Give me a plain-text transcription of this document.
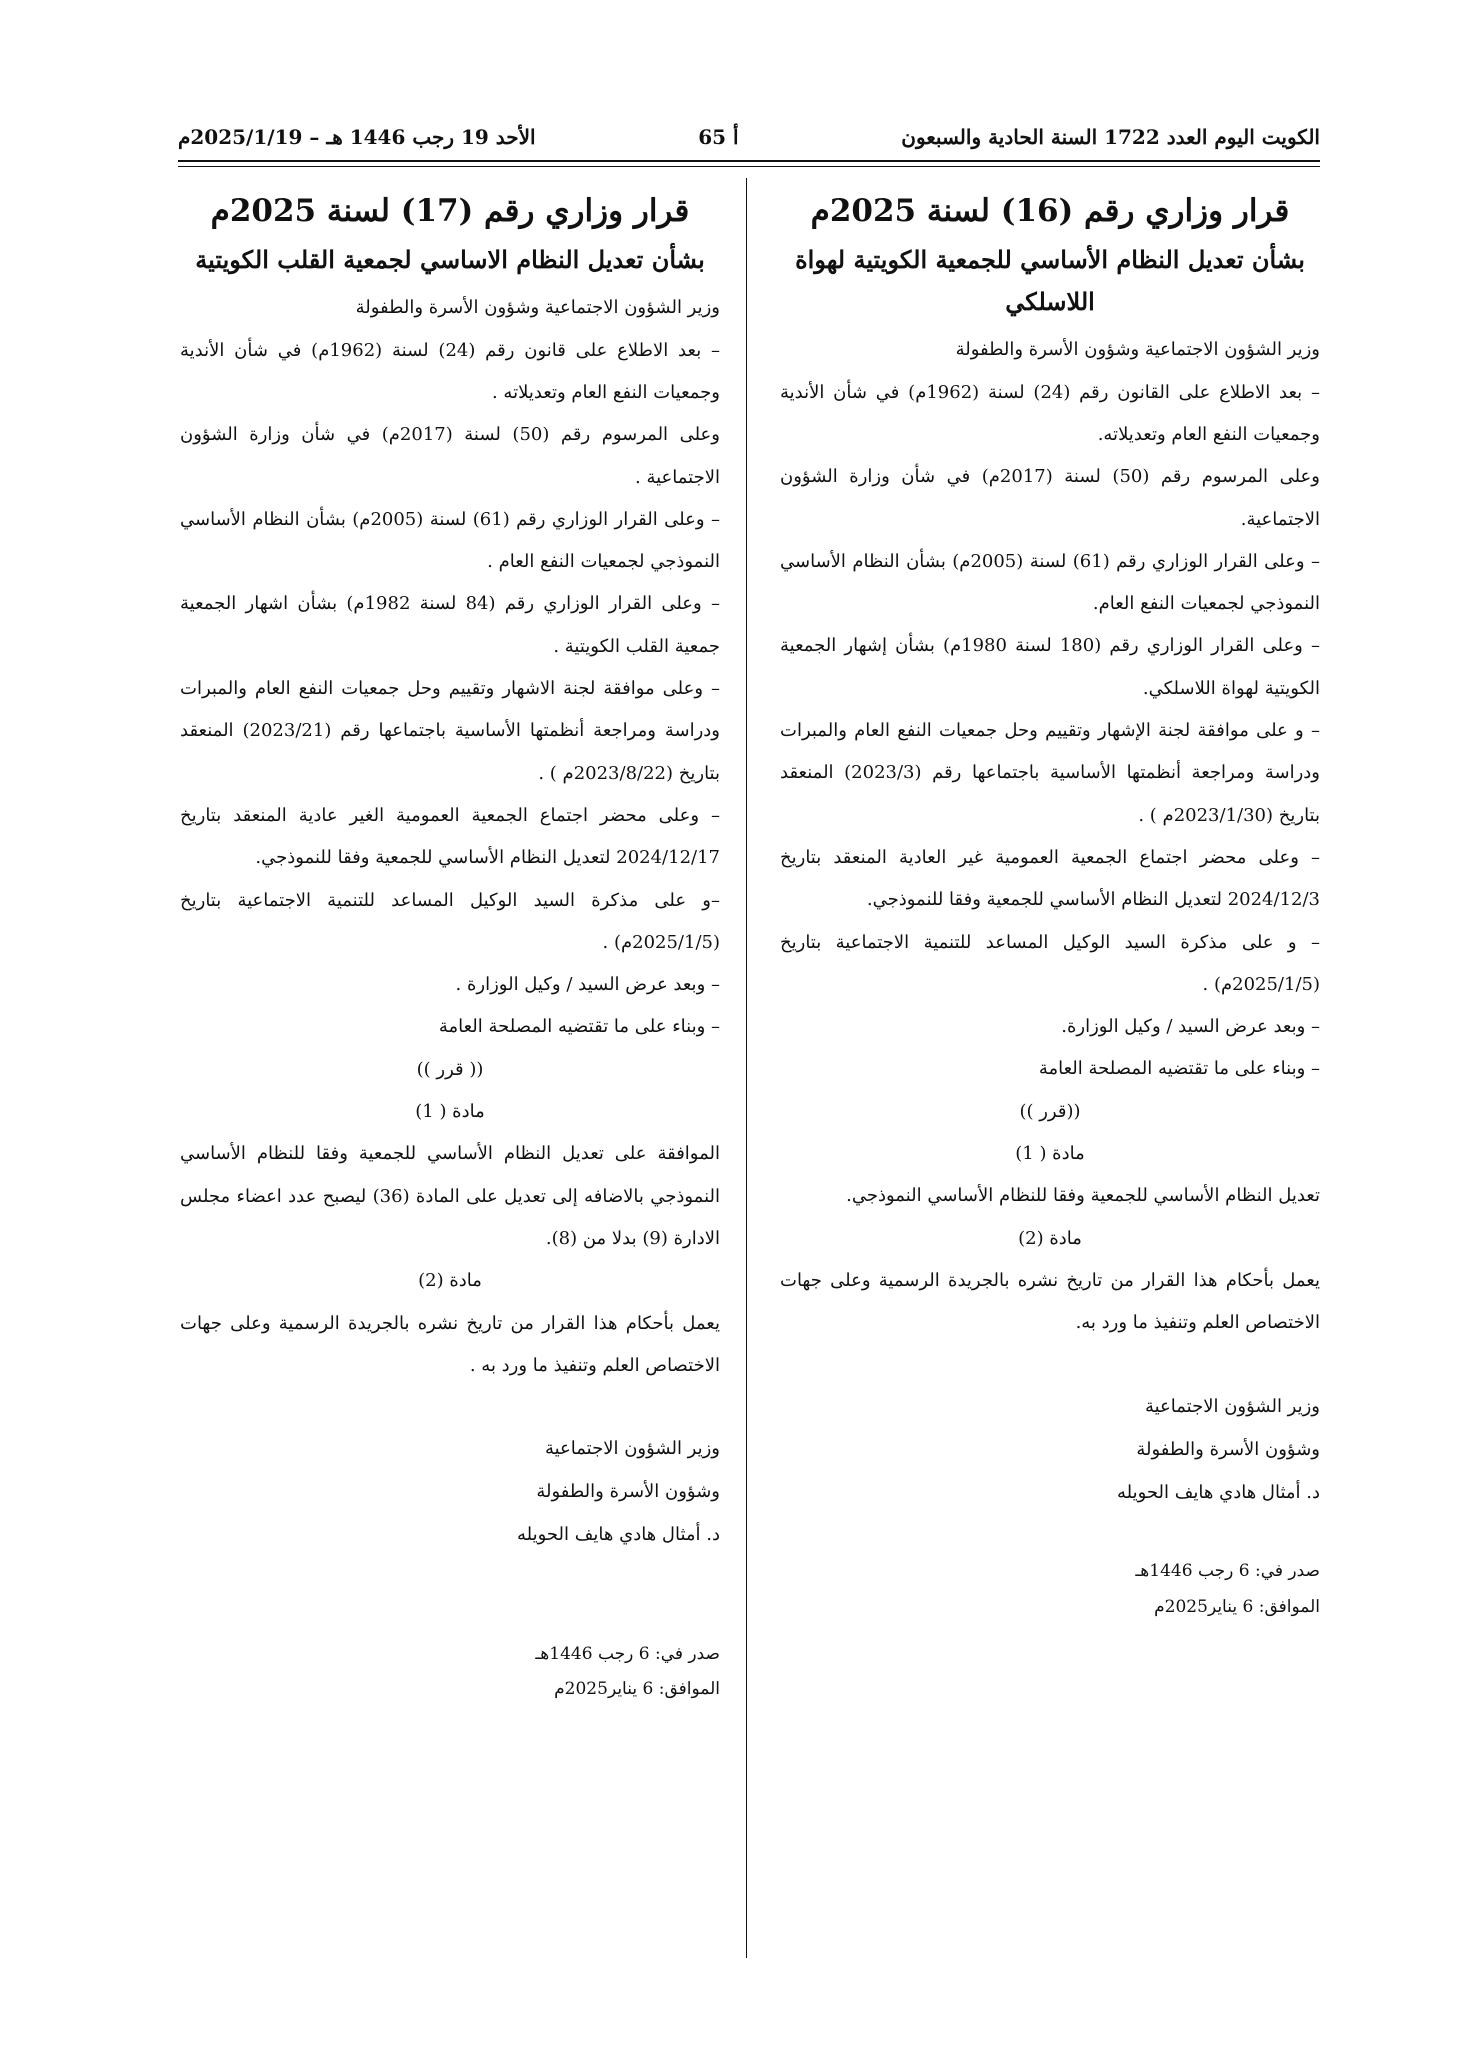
الكويت اليوم العدد 1722 السنة الحادية والسبعون
أ 65
الأحد 19 رجب 1446 هـ – 2025/1/19م
قرار وزاري رقم (16) لسنة 2025م
بشأن تعديل النظام الأساسي للجمعية الكويتية لهواة اللاسلكي

وزير الشؤون الاجتماعية وشؤون الأسرة والطفولة

– بعد الاطلاع على القانون رقم (24) لسنة (1962م) في شأن الأندية وجمعيات النفع العام وتعديلاته.

وعلى المرسوم رقم (50) لسنة (2017م) في شأن وزارة الشؤون الاجتماعية.

– وعلى القرار الوزاري رقم (61) لسنة (2005م) بشأن النظام الأساسي النموذجي لجمعيات النفع العام.

– وعلى القرار الوزاري رقم (180 لسنة 1980م) بشأن إشهار الجمعية الكويتية لهواة اللاسلكي.

– و على موافقة لجنة الإشهار وتقييم وحل جمعيات النفع العام والمبرات ودراسة ومراجعة أنظمتها الأساسية باجتماعها رقم (2023/3) المنعقد بتاريخ (2023/1/30م ) .

– وعلى محضر اجتماع الجمعية العمومية غير العادية المنعقد بتاريخ 2024/12/3 لتعديل النظام الأساسي للجمعية وفقا للنموذجي.

– و على مذكرة السيد الوكيل المساعد للتنمية الاجتماعية بتاريخ (2025/1/5م) .

– وبعد عرض السيد / وكيل الوزارة.

– وبناء على ما تقتضيه المصلحة العامة

((قرر ))

مادة ( 1)

تعديل النظام الأساسي للجمعية وفقا للنظام الأساسي النموذجي.

مادة (2)

يعمل بأحكام هذا القرار من تاريخ نشره بالجريدة الرسمية وعلى جهات الاختصاص العلم وتنفيذ ما ورد به.

وزير الشؤون الاجتماعية

وشؤون الأسرة والطفولة

د. أمثال هادي هايف الحويله

صدر في: 6 رجب 1446هـ

الموافق: 6 يناير2025م

قرار وزاري رقم (17) لسنة 2025م
بشأن تعديل النظام الاساسي لجمعية القلب الكويتية

وزير الشؤون الاجتماعية وشؤون الأسرة والطفولة

– بعد الاطلاع على قانون رقم (24) لسنة (1962م) في شأن الأندية وجمعيات النفع العام وتعديلاته .

وعلى المرسوم رقم (50) لسنة (2017م) في شأن وزارة الشؤون الاجتماعية .

– وعلى القرار الوزاري رقم (61) لسنة (2005م) بشأن النظام الأساسي النموذجي لجمعيات النفع العام .

– وعلى القرار الوزاري رقم (84 لسنة 1982م) بشأن اشهار الجمعية جمعية القلب الكويتية .

– وعلى موافقة لجنة الاشهار وتقييم وحل جمعيات النفع العام والمبرات ودراسة ومراجعة أنظمتها الأساسية باجتماعها رقم (2023/21) المنعقد بتاريخ (2023/8/22م ) .

– وعلى محضر اجتماع الجمعية العمومية الغير عادية المنعقد بتاريخ 2024/12/17 لتعديل النظام الأساسي للجمعية وفقا للنموذجي.

–و على مذكرة السيد الوكيل المساعد للتنمية الاجتماعية بتاريخ (2025/1/5م) .

– وبعد عرض السيد / وكيل الوزارة .

– وبناء على ما تقتضيه المصلحة العامة

(( قرر ))

مادة ( 1)

الموافقة على تعديل النظام الأساسي للجمعية وفقا للنظام الأساسي النموذجي بالاضافه إلى تعديل على المادة (36) ليصبح عدد اعضاء مجلس الادارة (9) بدلا من (8).

مادة (2)

يعمل بأحكام هذا القرار من تاريخ نشره بالجريدة الرسمية وعلى جهات الاختصاص العلم وتنفيذ ما ورد به .

وزير الشؤون الاجتماعية

وشؤون الأسرة والطفولة

د. أمثال هادي هايف الحويله

صدر في: 6 رجب 1446هـ

الموافق: 6 يناير2025م
